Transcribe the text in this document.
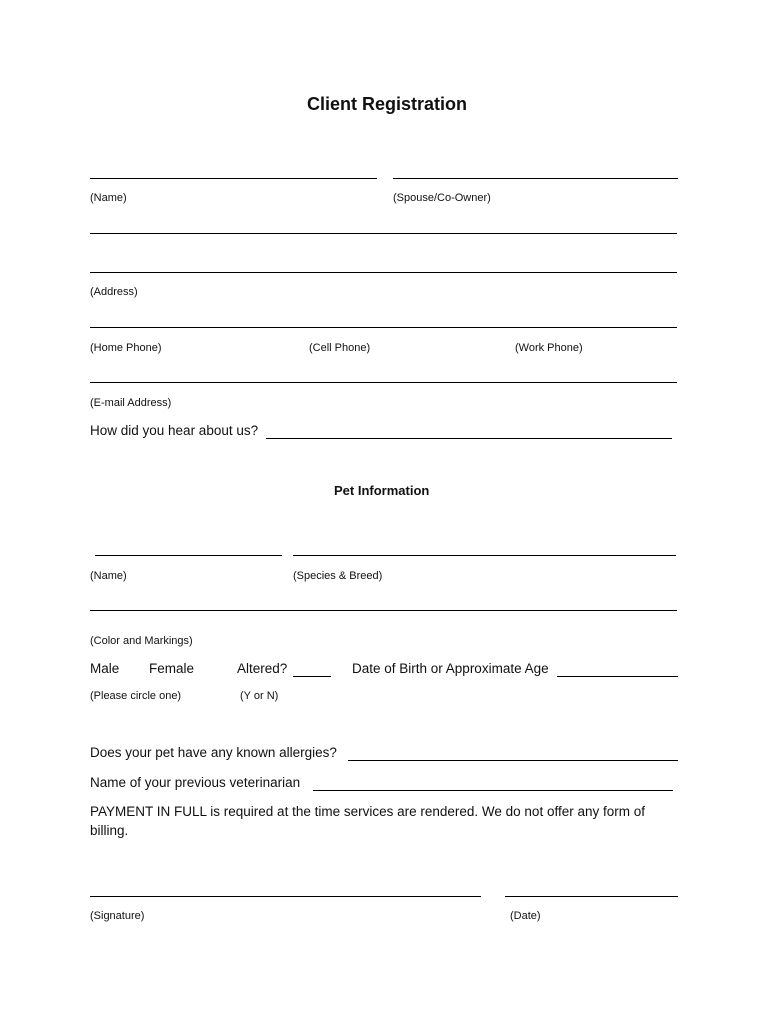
Client Registration
(Name)	(Spouse/Co-Owner)
(Address)
(Home Phone)	(Cell Phone)	(Work Phone)
(E-mail Address)
How did you hear about us?
Pet Information
(Name)	(Species & Breed)
(Color and Markings)
Male Female	Altered?	Date of Birth or Approximate Age
(Please circle one)	(Y or N)
Does your pet have any known allergies?
Name of your previous veterinarian
PAYMENT IN FULL is required at the time services are rendered. We do not offer any form of
billing.
(Signature)	(Date)
